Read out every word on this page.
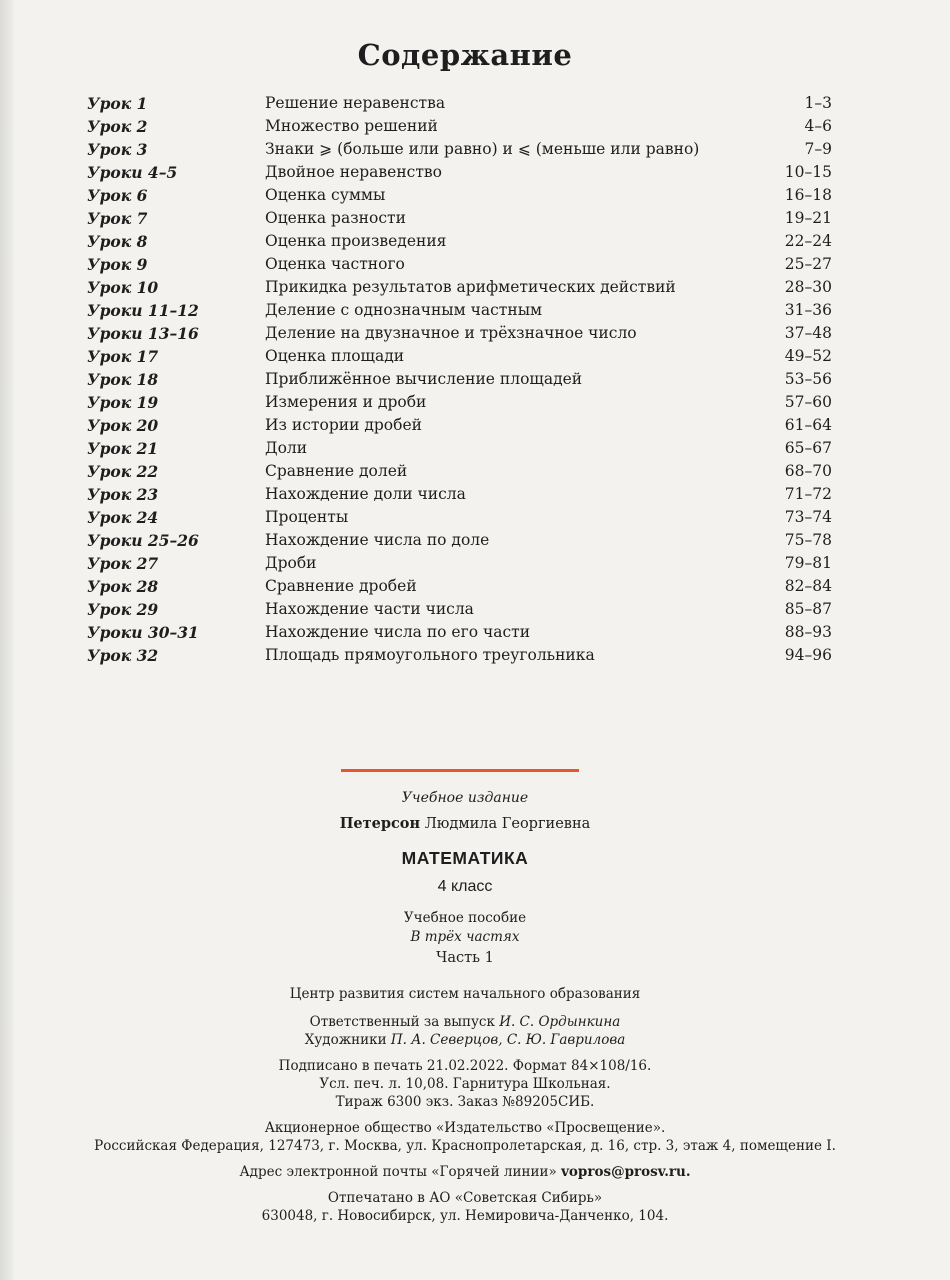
Содержание
Урок 1	Решение неравенства	1–3
Урок 2	Множество решений	4–6
Урок 3	Знаки ⩾ (больше или равно) и ⩽ (меньше или равно)	7–9
Уроки 4–5	Двойное неравенство	10–15
Урок 6	Оценка суммы	16–18
Урок 7	Оценка разности	19–21
Урок 8	Оценка произведения	22–24
Урок 9	Оценка частного	25–27
Урок 10	Прикидка результатов арифметических действий	28–30
Уроки 11–12	Деление с однозначным частным	31–36
Уроки 13–16	Деление на двузначное и трёхзначное число	37–48
Урок 17	Оценка площади	49–52
Урок 18	Приближённое вычисление площадей	53–56
Урок 19	Измерения и дроби	57–60
Урок 20	Из истории дробей	61–64
Урок 21	Доли	65–67
Урок 22	Сравнение долей	68–70
Урок 23	Нахождение доли числа	71–72
Урок 24	Проценты	73–74
Уроки 25–26	Нахождение числа по доле	75–78
Урок 27	Дроби	79–81
Урок 28	Сравнение дробей	82–84
Урок 29	Нахождение части числа	85–87
Уроки 30–31	Нахождение числа по его части	88–93
Урок 32	Площадь прямоугольного треугольника	94–96
Учебное издание
Петерсон Людмила Георгиевна
МАТЕМАТИКА
4 класс
Учебное пособие
В трёх частях
Часть 1
Центр развития систем начального образования
Ответственный за выпуск И. С. Ордынкина
Художники П. А. Северцов, С. Ю. Гаврилова
Подписано в печать 21.02.2022. Формат 84×108/16.
Усл. печ. л. 10,08. Гарнитура Школьная.
Тираж 6300 экз. Заказ №89205СИБ.
Акционерное общество «Издательство «Просвещение».
Российская Федерация, 127473, г. Москва, ул. Краснопролетарская, д. 16, стр. 3, этаж 4, помещение I.
Адрес электронной почты «Горячей линии» vopros@prosv.ru.
Отпечатано в АО «Советская Сибирь»
630048, г. Новосибирск, ул. Немировича-Данченко, 104.
